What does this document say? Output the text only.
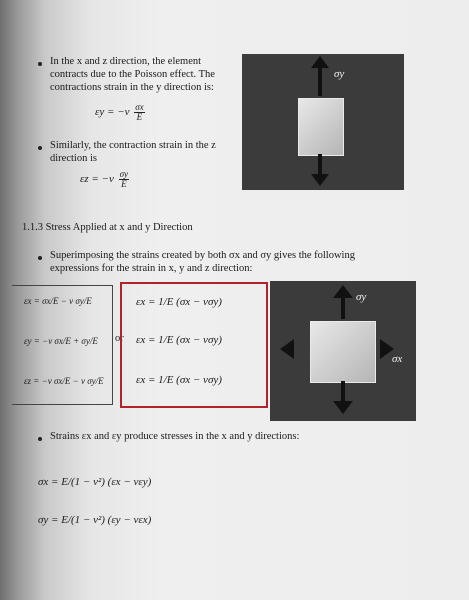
In the x and z direction, the element contracts due to the Poisson effect. The contractions strain in the y direction is:
$\varepsilon y = -\nu \frac{\sigma x}{E}$
Similarly, the contraction strain in the z direction is
$\varepsilon z = -\nu \frac{\sigma y}{E}$
σy
1.1.3 Stress Applied at x and y Direction
Superimposing the strains created by both σx and σy gives the following expressions for the strain in x, y and z direction:
εx = σx/E − ν σy/E
εy = −ν σx/E + σy/E
εz = −ν σx/E − ν σy/E
or
εx = 1/E (σx − νσy)
εx = 1/E (σx − νσy)
εx = 1/E (σx − νσy)
σy
σx
Strains εx and εy produce stresses in the x and y directions:
σx = E/(1 − ν²) (εx − νεy)
σy = E/(1 − ν²) (εy − νεx)
